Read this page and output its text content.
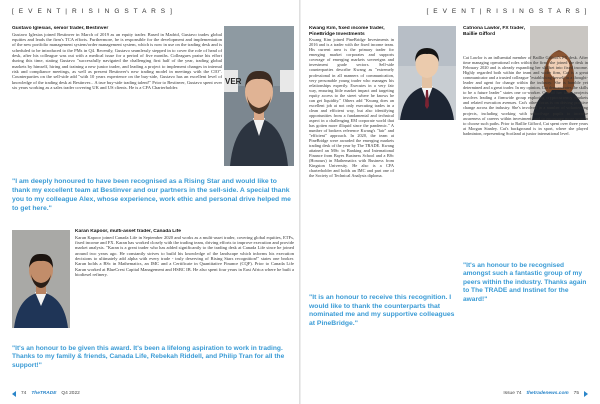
[ E V E N T | R I S I N G S T A R S ]	[ E V E N T | R I S I N G S T A R S ]
Gustavo Iglesias, senior trader, Bestinver
Gustavo Iglesias joined Bestinver in March of 2019 as an equity trader. Based in Madrid, Gustavo trades global equities and leads the firm's TCA efforts. Furthermore, he is responsible for the development and implementation of the new portfolio management system/order management system, which is now in use on the trading desk and is scheduled to be introduced to the PMs in Q4. Recently, Gustavo seamlessly stepped in to cover the role of head of desk, after his colleague was out with a medical issue for a period of five months. Colleagues praise his effort during this time, stating Gustavo "successfully navigated the challenging first half of the year, trading global markets by himself, hiring and training a new junior trader, and leading a project to implement changes in internal risk and compliance meetings, as well as present Bestinver's new trading model in meetings with the CIO". Counterparties on the sell-side add "with 10 years experience on the buy-side, Gustavo has an excellent level of knowledge of the trading desk at Bestinver... A true buy-side trading talent!" Prior to Bestinver, Gustavo spent over six years working as a sales trader covering UK and US clients. He is a CFA Charterholder.
VER
"I am deeply honoured to have been recognised as a Rising Star and would like to thank my excellent team at Bestinver and our partners in the sell-side. A special thank you to my colleague Alex, whose experience, work ethic and personal drive helped me to get here."
Karan Kapoor, multi-asset trader, Canada Life
Karan Kapoor joined Canada Life in September 2020 and works as a multi-asset trader, covering global equities, ETFs, fixed income and FX. Karan has worked closely with the trading team, driving efforts to improve execution and provide market analysis. "Karan is a great trader who has added significantly to the trading desk at Canada Life since he joined around two years ago. He constantly strives to build his knowledge of the landscape which informs his execution decisions to ultimately add alpha with every trade - truly deserving of Rising Stars recognition!" states one broker. Karan holds a BSc in Mathematics, an IMC and a Certificate in Quantitative Finance (CQF). Prior to Canada Life Karan worked at BlueCrest Capital Management and HSBC IB. He also spent four years in East Africa where he built a biodiesel refinery.
"It's an honour to be given this award. It's been a lifelong aspiration to work in trading. Thanks to my family & friends, Canada Life, Rebekah Riddell, and Philip Tran for all the support!"
Kwang Kim, fixed income trader, PineBridge Investments
Kwang Kim joined PineBridge Investments in 2016 and is a trader with the fixed income team. His current area is the primary trader for emerging market corporates and supports coverage of emerging markets sovereigns and investment grade sectors. Sell-side counterparties describe Kwang as "extremely professional in all manners of communication, very personable young trader who manages his relationships expertly. Executes in a very fair way, ensuring little market impact and targeting equity access to the street where he knows he can get liquidity." Others add "Kwang does an excellent job at not only executing trades in a clean and efficient way, but also identifying opportunities from a fundamental and technical aspect in a challenging EM corporate world that has gotten more illiquid since the pandemic." A number of brokers reference Kwang's "fair" and "efficient" approach. In 2020, the team at PineBridge were awarded the emerging markets trading desk of the year by The TRADE. Kwang attained an MSc in Banking and International Finance from Bayes Business School and a BSc (Honours) in Mathematics with Business from Kingston University. He also is a CFA charterholder and holds an IMC and part one of the Society of Technical Analysts diploma.
"It is an honour to receive this recognition. I would like to thank the counterparts that nominated me and my supportive colleagues at PineBridge."
Catriona Lawlor, FX trader, Baillie Gifford
Cat Lawlor is an influential member of Baillie Gifford's FX desk. After time managing operational roles within the firm, she joined the desk in February 2020 and is already expanding her skillset into fixed income. Highly regarded both within the team and wider firm, Cat is a great communicator and a trusted colleague "establishing herself as a thought-leader and agent for change within the industry. She is humble yet determined and a great trader. In my opinion, Cat demonstrates the skills to be a future leader" states one co-worker. One of her latest projects involves leading a firmwide group exploring cryptocurrency markets and related execution avenues. Cat's other focus is on driving positive change across the industry. She's involved in a number of volunteering projects, including working with school-age pupils to increase awareness of careers within investment, and to encourage more women to choose such paths. Prior to Baillie Gifford, Cat spent over three years at Morgan Stanley. Cat's background is in sport, where she played badminton, representing Scotland at junior international level.
"It's an honour to be recognised amongst such a fantastic group of my peers within the industry. Thanks again to The TRADE and Instinet for the award!"
74 TheTRADE Q4 2022	Issue 74 thetradenews.com 75
